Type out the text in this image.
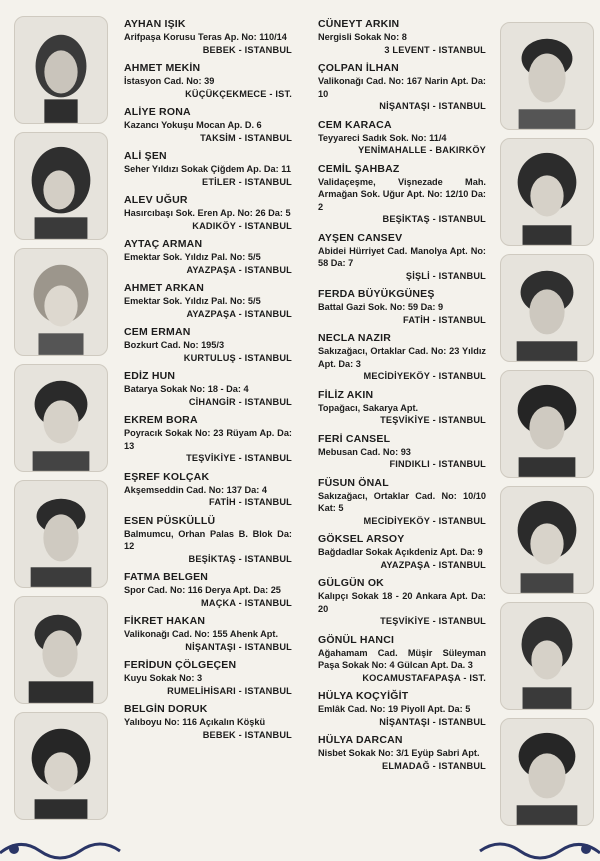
AYHAN IŞIK
Arifpaşa Korusu Teras Ap. No: 110/14
BEBEK - ISTANBUL
AHMET MEKİN
İstasyon Cad. No: 39
KÜÇÜKÇEKMECE - IST.
ALİYE RONA
Kazancı Yokuşu Mocan Ap. D. 6
TAKSİM - ISTANBUL
ALİ ŞEN
Seher Yıldızı Sokak Çiğdem Ap. Da: 11
ETİLER - ISTANBUL
ALEV UĞUR
Hasırcıbaşı Sok. Eren Ap. No: 26 Da: 5
KADIKÖY - ISTANBUL
AYTAÇ ARMAN
Emektar Sok. Yıldız Pal. No: 5/5
AYAZPAŞA - ISTANBUL
AHMET ARKAN
Emektar Sok. Yıldız Pal. No: 5/5
AYAZPAŞA - ISTANBUL
CEM ERMAN
Bozkurt Cad. No: 195/3
KURTULUŞ - ISTANBUL
EDİZ HUN
Batarya Sokak No: 18 - Da: 4
CİHANGİR - ISTANBUL
EKREM BORA
Poyracık Sokak No: 23 Rüyam Ap. Da: 13
TEŞVİKİYE - ISTANBUL
EŞREF KOLÇAK
Akşemseddin Cad. No: 137 Da: 4
FATİH - ISTANBUL
ESEN PÜSKÜLLÜ
Balmumcu, Orhan Palas B. Blok Da: 12
BEŞİKTAŞ - ISTANBUL
FATMA BELGEN
Spor Cad. No: 116 Derya Apt. Da: 25
MAÇKA - ISTANBUL
FİKRET HAKAN
Valikonağı Cad. No: 155 Ahenk Apt.
NİŞANTAŞI - ISTANBUL
FERİDUN ÇÖLGEÇEN
Kuyu Sokak No: 3
RUMELİHİSARI - ISTANBUL
BELGİN DORUK
Yalıboyu No: 116 Açıkalın Köşkü
BEBEK - ISTANBUL
CÜNEYT ARKIN
Nergisli Sokak No: 8
3 LEVENT - ISTANBUL
ÇOLPAN İLHAN
Valikonağı Cad. No: 167 Narin Apt. Da: 10
NİŞANTAŞI - ISTANBUL
CEM KARACA
Teyyareci Sadık Sok. No: 11/4
YENİMAHALLE - BAKIRKÖY
CEMİL ŞAHBAZ
Validaçeşme, Vişnezade Mah. Armağan Sok. Uğur Apt. No: 12/10 Da: 2
BEŞİKTAŞ - ISTANBUL
AYŞEN CANSEV
Abidei Hürriyet Cad. Manolya Apt. No: 58 Da: 7
ŞİŞLİ - ISTANBUL
FERDA BÜYÜKGÜNEŞ
Battal Gazi Sok. No: 59 Da: 9
FATİH - ISTANBUL
NECLA NAZIR
Sakızağacı, Ortaklar Cad. No: 23 Yıldız Apt. Da: 3
MECİDİYEKÖY - ISTANBUL
FİLİZ AKIN
Topağacı, Sakarya Apt.
TEŞVİKİYE - ISTANBUL
FERİ CANSEL
Mebusan Cad. No: 93
FINDIKLI - ISTANBUL
FÜSUN ÖNAL
Sakızağacı, Ortaklar Cad. No: 10/10 Kat: 5
MECİDİYEKÖY - ISTANBUL
GÖKSEL ARSOY
Bağdadlar Sokak Açıkdeniz Apt. Da: 9
AYAZPAŞA - ISTANBUL
GÜLGÜN OK
Kalıpçı Sokak 18 - 20 Ankara Apt. Da: 20
TEŞVİKİYE - ISTANBUL
GÖNÜL HANCI
Ağahamam Cad. Müşir Süleyman Paşa Sokak No: 4 Gülcan Apt. Da. 3
KOCAMUSTAFAPAŞA - IST.
HÜLYA KOÇYİĞİT
Emlâk Cad. No: 19 Piyoll Apt. Da: 5
NİŞANTAŞI - ISTANBUL
HÜLYA DARCAN
Nisbet Sokak No: 3/1 Eyüp Sabri Apt.
ELMADAĞ - ISTANBUL
